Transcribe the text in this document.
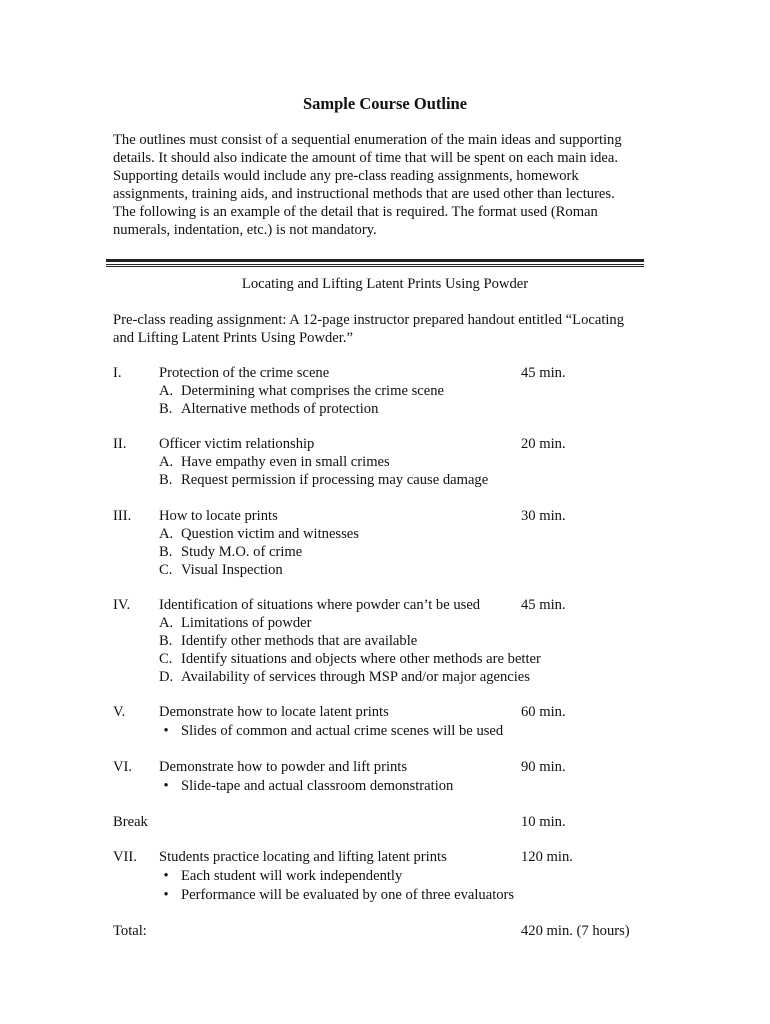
Sample Course Outline
The outlines must consist of a sequential enumeration of the main ideas and supporting
details. It should also indicate the amount of time that will be spent on each main idea.
Supporting details would include any pre-class reading assignments, homework
assignments, training aids, and instructional methods that are used other than lectures.
The following is an example of the detail that is required. The format used (Roman
numerals, indentation, etc.) is not mandatory.
Locating and Lifting Latent Prints Using Powder
Pre-class reading assignment: A 12-page instructor prepared handout entitled “Locating
and Lifting Latent Prints Using Powder.”
I.	Protection of the crime scene	45 min.
A. Determining what comprises the crime scene
B. Alternative methods of protection
II. Officer victim relationship	20 min.
A. Have empathy even in small crimes
B. Request permission if processing may cause damage
III. How to locate prints	30 min.
A. Question victim and witnesses
B. Study M.O. of crime
C. Visual Inspection
IV. Identification of situations where powder can’t be used	45 min.
A. Limitations of powder
B. Identify other methods that are available
C. Identify situations and objects where other methods are better
D. Availability of services through MSP and/or major agencies
V. Demonstrate how to locate latent prints	60 min.
• Slides of common and actual crime scenes will be used
VI. Demonstrate how to powder and lift prints	90 min.
• Slide-tape and actual classroom demonstration
Break	10 min.
VII. Students practice locating and lifting latent prints	120 min.
• Each student will work independently
• Performance will be evaluated by one of three evaluators
Total:	420 min. (7 hours)
